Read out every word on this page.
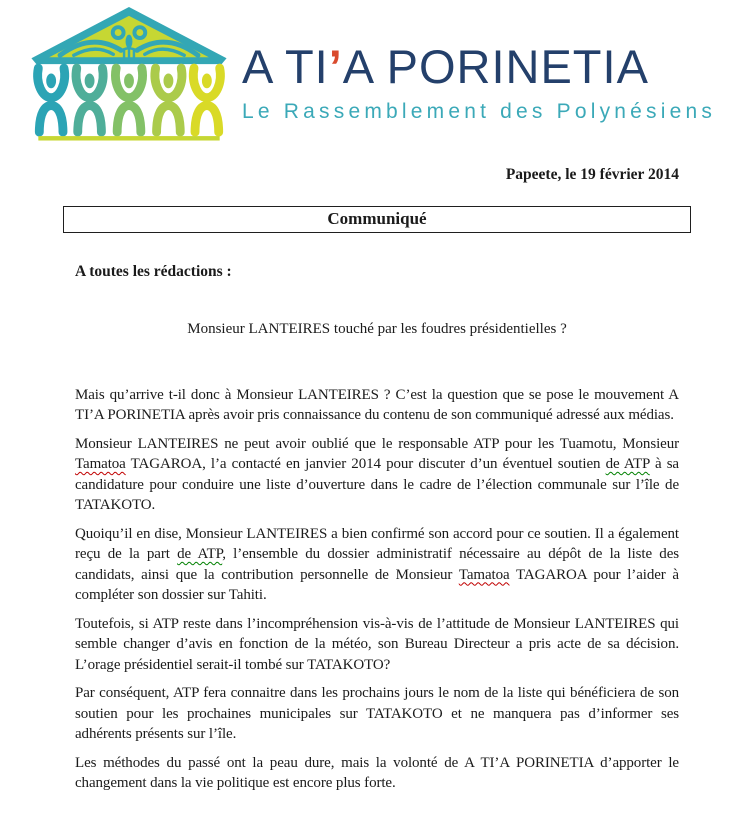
A TI’A PORINETIA
Le Rassemblement des Polynésiens
Papeete, le 19 février 2014
Communiqué
A toutes les rédactions :
Monsieur LANTEIRES touché par les foudres présidentielles ?

Mais qu’arrive t-il donc à Monsieur LANTEIRES ? C’est la question que se pose le mouvement A TI’A PORINETIA après avoir pris connaissance du contenu de son communiqué adressé aux médias.

Monsieur LANTEIRES ne peut avoir oublié que le responsable ATP pour les Tuamotu, Monsieur Tamatoa TAGAROA, l’a contacté en janvier 2014 pour discuter d’un éventuel soutien de ATP à sa candidature pour conduire une liste d’ouverture dans le cadre de l’élection communale sur l’île de TATAKOTO.

Quoiqu’il en dise, Monsieur LANTEIRES a bien confirmé son accord pour ce soutien. Il a également reçu de la part de ATP, l’ensemble du dossier administratif nécessaire au dépôt de la liste des candidats, ainsi que la contribution personnelle de Monsieur Tamatoa TAGAROA pour l’aider à compléter son dossier sur Tahiti.

Toutefois, si ATP reste dans l’incompréhension vis-à-vis de l’attitude de Monsieur LANTEIRES qui semble changer d’avis en fonction de la météo, son Bureau Directeur a pris acte de sa décision. L’orage présidentiel serait-il tombé sur TATAKOTO?

Par conséquent, ATP fera connaitre dans les prochains jours le nom de la liste qui bénéficiera de son soutien pour les prochaines municipales sur TATAKOTO et ne manquera pas d’informer ses adhérents présents sur l’île.

Les méthodes du passé ont la peau dure, mais la volonté de A TI’A PORINETIA d’apporter le changement dans la vie politique est encore plus forte.
